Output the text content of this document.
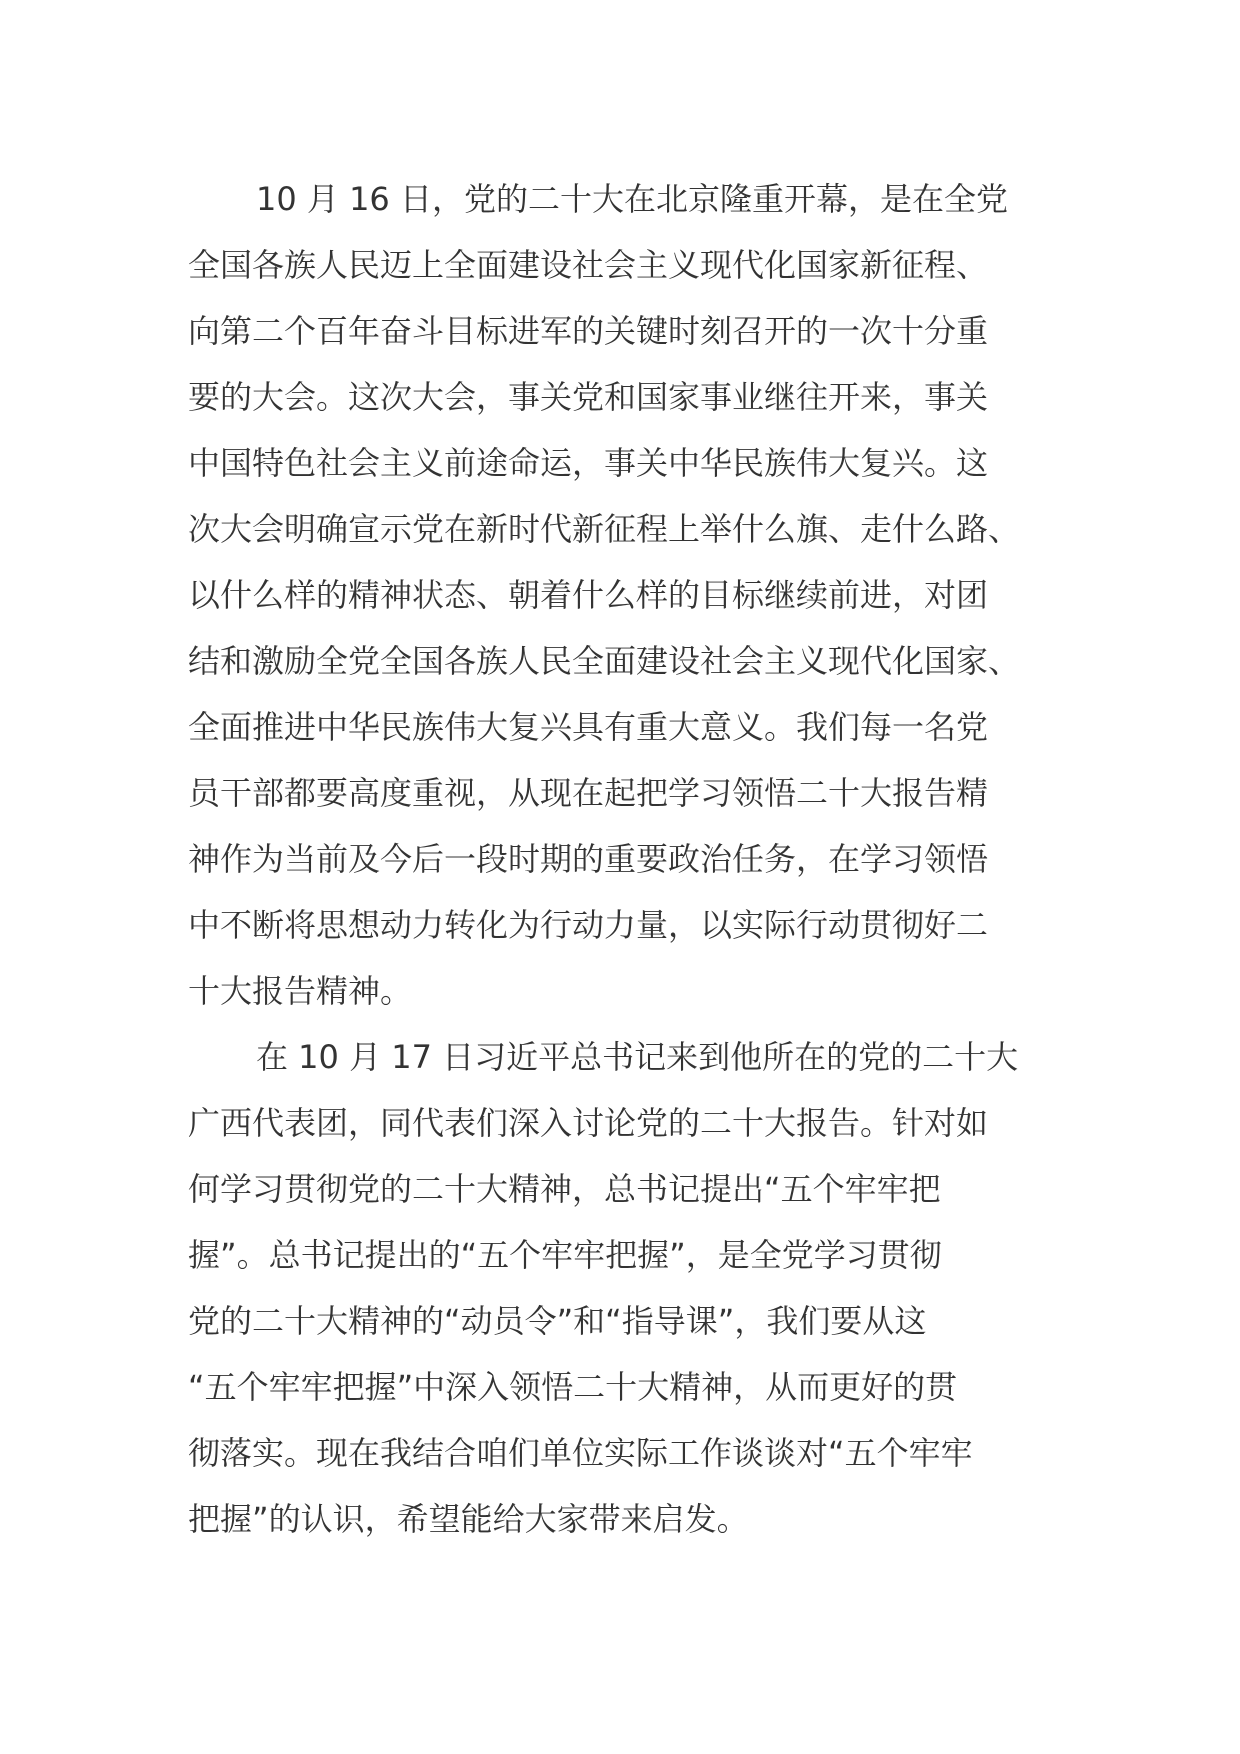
10 月 16 日，党的二十大在北京隆重开幕，是在全党
全国各族人民迈上全面建设社会主义现代化国家新征程、
向第二个百年奋斗目标进军的关键时刻召开的一次十分重
要的大会。这次大会，事关党和国家事业继往开来，事关
中国特色社会主义前途命运，事关中华民族伟大复兴。这
次大会明确宣示党在新时代新征程上举什么旗、走什么路、
以什么样的精神状态、朝着什么样的目标继续前进，对团
结和激励全党全国各族人民全面建设社会主义现代化国家、
全面推进中华民族伟大复兴具有重大意义。我们每一名党
员干部都要高度重视，从现在起把学习领悟二十大报告精
神作为当前及今后一段时期的重要政治任务，在学习领悟
中不断将思想动力转化为行动力量，以实际行动贯彻好二
十大报告精神。

在 10 月 17 日习近平总书记来到他所在的党的二十大
广西代表团，同代表们深入讨论党的二十大报告。针对如
何学习贯彻党的二十大精神，总书记提出“五个牢牢把
握”。总书记提出的“五个牢牢把握”，是全党学习贯彻
党的二十大精神的“动员令”和“指导课”，我们要从这
“五个牢牢把握”中深入领悟二十大精神，从而更好的贯
彻落实。现在我结合咱们单位实际工作谈谈对“五个牢牢
把握”的认识，希望能给大家带来启发。
